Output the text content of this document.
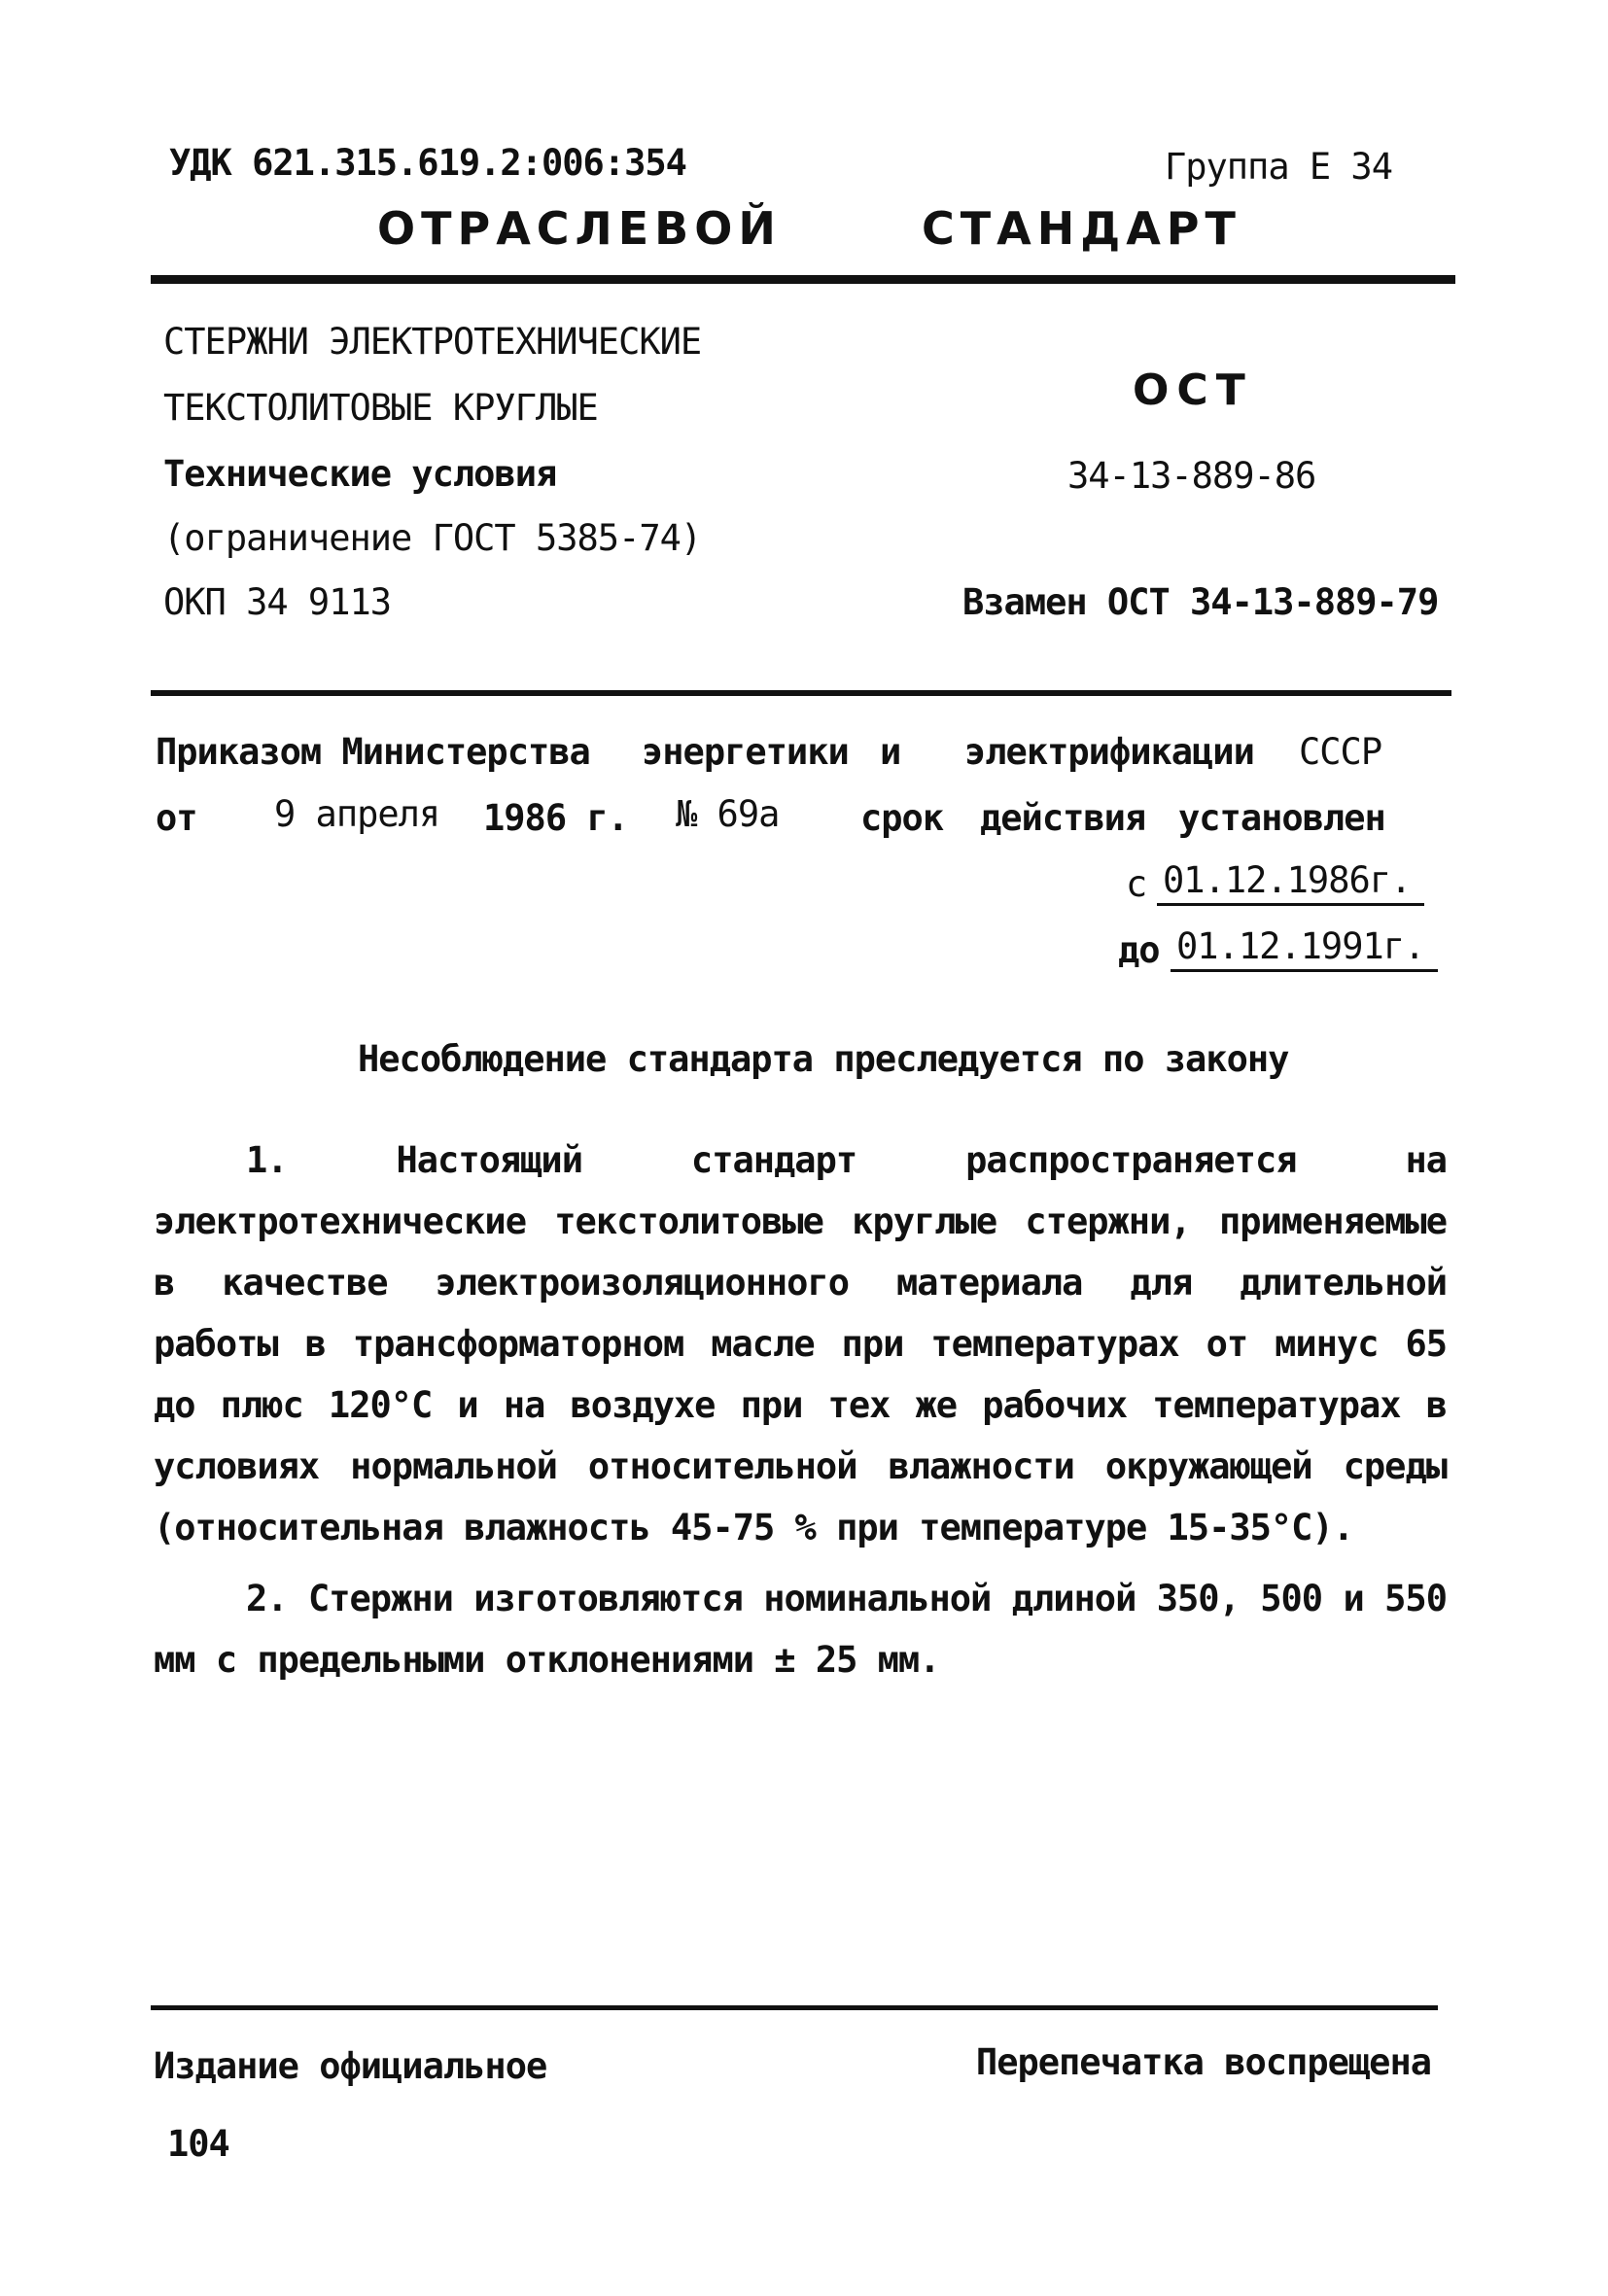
УДК 621.315.619.2:006:354	Группа Е 34
ОТРАСЛЕВОЙ	СТАНДАРТ
СТЕРЖНИ ЭЛЕКТРОТЕХНИЧЕСКИЕ
ТЕКСТОЛИТОВЫЕ КРУГЛЫЕ
Технические условия
(ограничение ГОСТ 5385-74)
ОКП 34 9113
ОСТ
34-13-889-86
Взамен ОСТ 34-13-889-79
Приказом Министерства энергетики и электрификации СССР
от 9 апреля 1986 г. № 69а срок действия установлен
с 01.12.1986г.
до 01.12.1991г.
Несоблюдение стандарта преследуется по закону

1. Настоящий стандарт распространяется на электротехнические текстолитовые круглые стержни, применяемые в качестве электроизоляционного материала для длительной работы в трансформаторном масле при температурах от минус 65 до плюс 120°С и на воздухе при тех же рабочих температурах в условиях нормальной относительной влажности окружающей среды (относительная влажность 45-75 % при температуре 15-35°С).

2. Стержни изготовляются номинальной длиной 350, 500 и 550 мм с предельными отклонениями ± 25 мм.

Издание официальное	Перепечатка воспрещена
104
